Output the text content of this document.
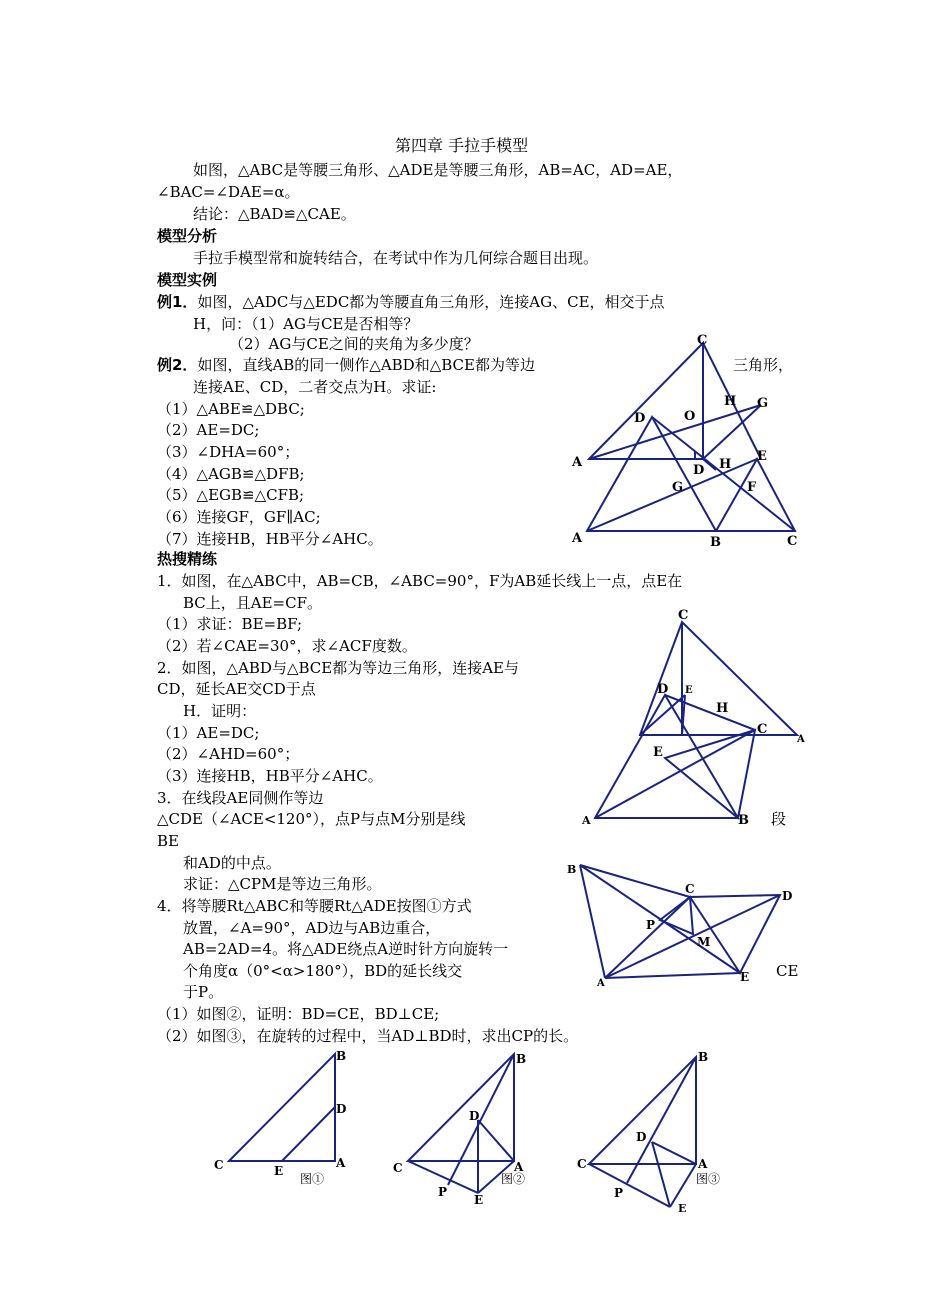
第四章 手拉手模型
如图，△ABC是等腰三角形、△ADE是等腰三角形，AB=AC，AD=AE，
∠BAC=∠DAE=α。
结论：△BAD≌△CAE。
模型分析
手拉手模型常和旋转结合，在考试中作为几何综合题目出现。
模型实例
例1．如图，△ADC与△EDC都为等腰直角三角形，连接AG、CE，相交于点
H，问：（1）AG与CE是否相等？
（2）AG与CE之间的夹角为多少度？
例2．如图，直线AB的同一侧作△ABD和△BCE都为等边	三角形，
连接AE、CD，二者交点为H。求证:
（1）△ABE≌△DBC;
（2）AE=DC;
（3）∠DHA=60°；
（4）△AGB≌△DFB;
（5）△EGB≌△CFB;
（6）连接GF，GF∥AC;
（7）连接HB，HB平分∠AHC。
热搜精练
1．如图，在△ABC中，AB=CB，∠ABC=90°，F为AB延长线上一点，点E在
BC上，且AE=CF。
（1）求证：BE=BF;
（2）若∠CAE=30°，求∠ACF度数。
2．如图，△ABD与△BCE都为等边三角形，连接AE与
CD，延长AE交CD于点
H．证明：
（1）AE=DC;
（2）∠AHD=60°；
（3）连接HB，HB平分∠AHC。
3．在线段AE同侧作等边
段
△CDE（∠ACE<120°），点P与点M分别是线
BE
和AD的中点。
求证：△CPM是等边三角形。
4．将等腰Rt△ABC和等腰Rt△ADE按图①方式
放置，∠A=90°，AD边与AB边重合，
AB=2AD=4。将△ADE绕点A逆时针方向旋转一
个角度α（0°<α>180°），BD的延长线交	CE
于P。
（1）如图②，证明：BD=CE，BD⊥CE;
（2）如图③，在旋转的过程中，当AD⊥BD时，求出CP的长。
C
D	O
H G
A
D H
E
G	F
A	B	C
C
D E
H
C
A
E
A	B
B
C	D
P
M
A	E
B
D
C	A
E
图①
B
D
C	A
P
E
图②
B
D
C	A
P
E
图③
